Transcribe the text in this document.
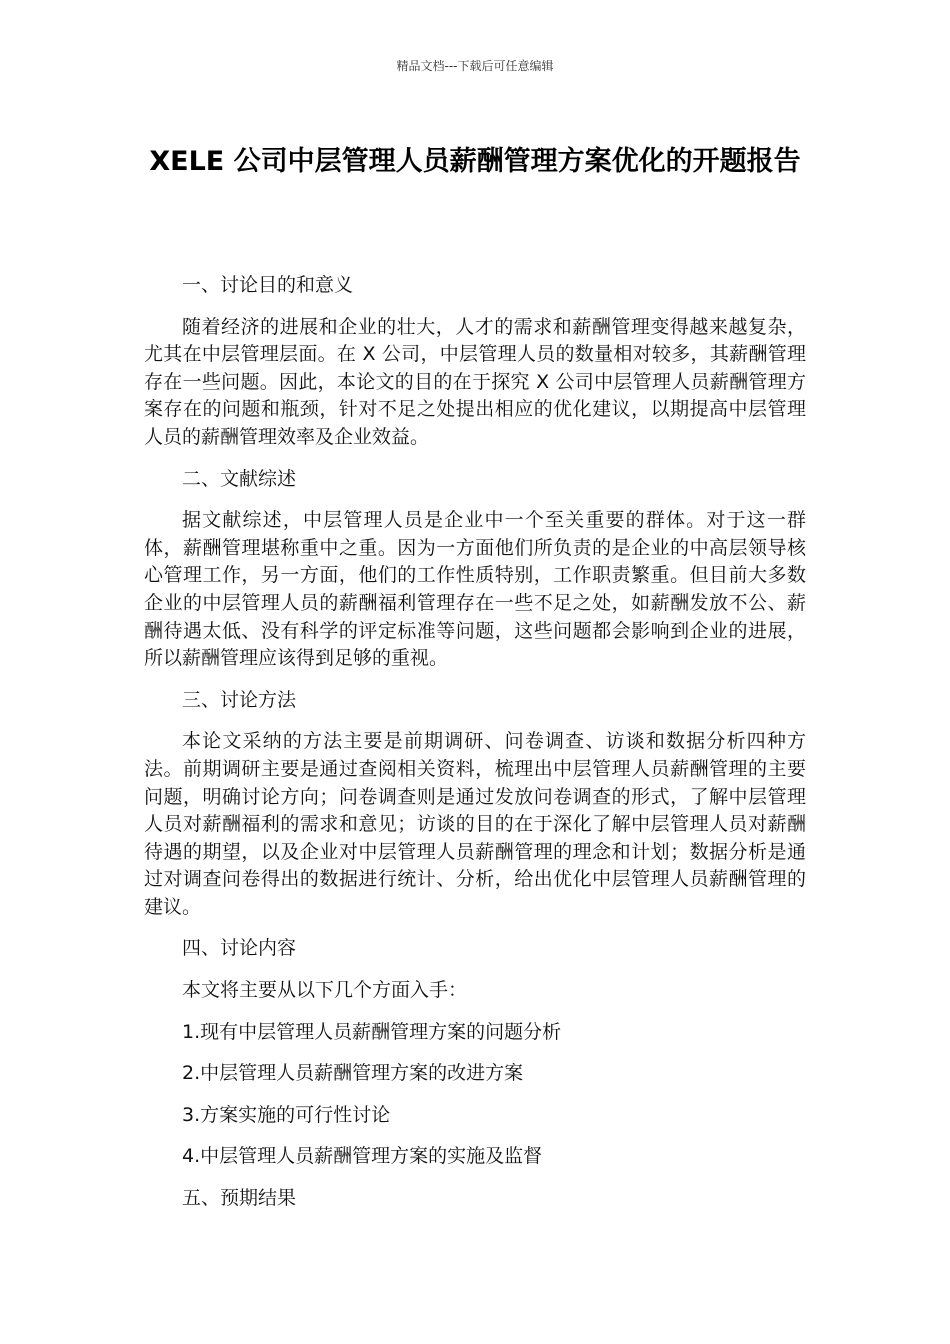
精品文档---下载后可任意编辑
XELE 公司中层管理人员薪酬管理方案优化的开题报告

一、讨论目的和意义

随着经济的进展和企业的壮大，人才的需求和薪酬管理变得越来越复杂，尤其在中层管理层面。在 X 公司，中层管理人员的数量相对较多，其薪酬管理存在一些问题。因此，本论文的目的在于探究 X 公司中层管理人员薪酬管理方案存在的问题和瓶颈，针对不足之处提出相应的优化建议，以期提高中层管理人员的薪酬管理效率及企业效益。

二、文献综述

据文献综述，中层管理人员是企业中一个至关重要的群体。对于这一群体，薪酬管理堪称重中之重。因为一方面他们所负责的是企业的中高层领导核心管理工作，另一方面，他们的工作性质特别，工作职责繁重。但目前大多数企业的中层管理人员的薪酬福利管理存在一些不足之处，如薪酬发放不公、薪酬待遇太低、没有科学的评定标准等问题，这些问题都会影响到企业的进展，所以薪酬管理应该得到足够的重视。

三、讨论方法

本论文采纳的方法主要是前期调研、问卷调查、访谈和数据分析四种方法。前期调研主要是通过查阅相关资料，梳理出中层管理人员薪酬管理的主要问题，明确讨论方向；问卷调查则是通过发放问卷调查的形式，了解中层管理人员对薪酬福利的需求和意见；访谈的目的在于深化了解中层管理人员对薪酬待遇的期望，以及企业对中层管理人员薪酬管理的理念和计划；数据分析是通过对调查问卷得出的数据进行统计、分析，给出优化中层管理人员薪酬管理的建议。

四、讨论内容

本文将主要从以下几个方面入手：

1.现有中层管理人员薪酬管理方案的问题分析

2.中层管理人员薪酬管理方案的改进方案

3.方案实施的可行性讨论

4.中层管理人员薪酬管理方案的实施及监督

五、预期结果
